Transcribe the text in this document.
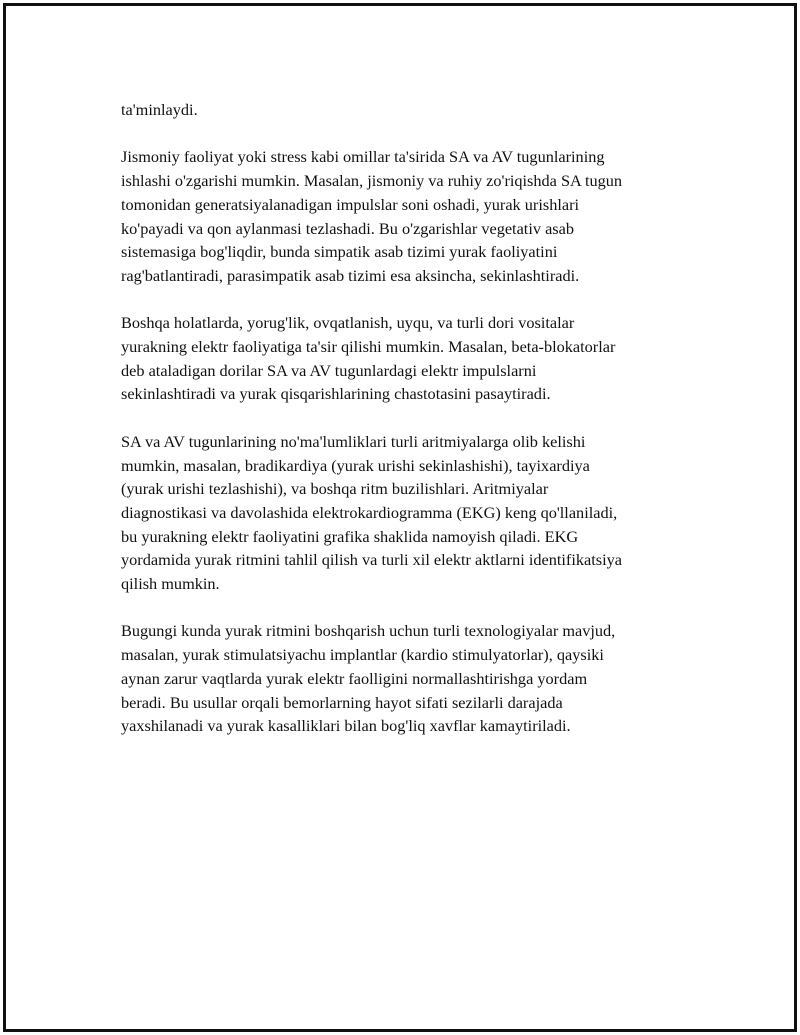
ta'minlaydi.

Jismoniy faoliyat yoki stress kabi omillar ta'sirida SA va AV tugunlarining
ishlashi o'zgarishi mumkin. Masalan, jismoniy va ruhiy zo'riqishda SA tugun
tomonidan generatsiyalanadigan impulslar soni oshadi, yurak urishlari
ko'payadi va qon aylanmasi tezlashadi. Bu o'zgarishlar vegetativ asab
sistemasiga bog'liqdir, bunda simpatik asab tizimi yurak faoliyatini
rag'batlantiradi, parasimpatik asab tizimi esa aksincha, sekinlashtiradi.

Boshqa holatlarda, yorug'lik, ovqatlanish, uyqu, va turli dori vositalar
yurakning elektr faoliyatiga ta'sir qilishi mumkin. Masalan, beta-blokatorlar
deb ataladigan dorilar SA va AV tugunlardagi elektr impulslarni
sekinlashtiradi va yurak qisqarishlarining chastotasini pasaytiradi.

SA va AV tugunlarining no'ma'lumliklari turli aritmiyalarga olib kelishi
mumkin, masalan, bradikardiya (yurak urishi sekinlashishi), tayixardiya
(yurak urishi tezlashishi), va boshqa ritm buzilishlari. Aritmiyalar
diagnostikasi va davolashida elektrokardiogramma (EKG) keng qo'llaniladi,
bu yurakning elektr faoliyatini grafika shaklida namoyish qiladi. EKG
yordamida yurak ritmini tahlil qilish va turli xil elektr aktlarni identifikatsiya
qilish mumkin.

Bugungi kunda yurak ritmini boshqarish uchun turli texnologiyalar mavjud,
masalan, yurak stimulatsiyachu implantlar (kardio stimulyatorlar), qaysiki
aynan zarur vaqtlarda yurak elektr faolligini normallashtirishga yordam
beradi. Bu usullar orqali bemorlarning hayot sifati sezilarli darajada
yaxshilanadi va yurak kasalliklari bilan bog'liq xavflar kamaytiriladi.
